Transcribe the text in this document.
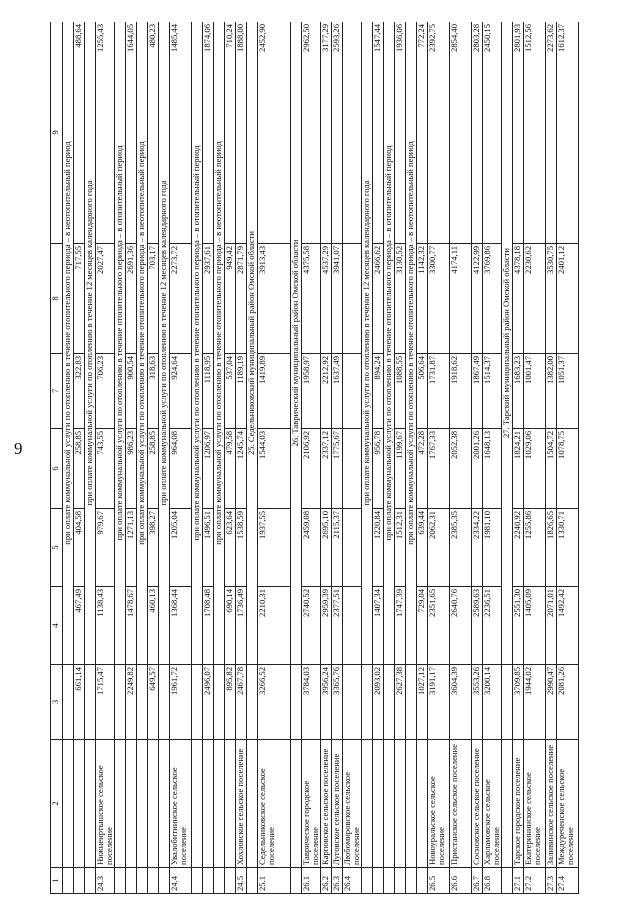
9
1	2	3	4	5	6	7	8	9
			при оплате коммунальной услуги по отоплению в течение отопительного периода – в неотопительный период					
		661,14	467,49	404,58	258,85	322,83	717,55	488,64
			при оплате коммунальной услуги по отоплению в течение 12 месяцев календарного года					
24.3	Нижнеиртышское сельское поселение	1715,47	1138,43	979,67	743,55	706,23	2027,47	1255,43
			при оплате коммунальной услуги по отоплению в течение отопительного периода – в отопительный период					
		2249,82	1478,67	1271,13	986,23	900,54	2691,36	1644,05
			при оплате коммунальной услуги по отоплению в течение отопительного периода – в неотопительный период					
		649,57	460,13	398,27	258,85	318,63	703,17	480,23
			при оплате коммунальной услуги по отоплению в течение 12 месяцев календарного года					
24.4	Увалобитиинское сельское поселение	1961,72	1368,44	1205,04	964,08	924,64	2273,72	1485,44
			при оплате коммунальной услуги по отоплению в течение отопительного периода – в отопительный период					
		2496,07	1708,48	1496,51	1206,97	1118,95	2937,61	1874,06
			при оплате коммунальной услуги по отоплению в течение отопительного периода – в неотопительный период					
		895,82	690,14	623,64	479,58	537,04	949,42	710,24
24.5	Хохловское сельское поселение	2467,78	1736,49	1538,59	1245,74	1189,19	2871,79	1888,00
			25. Седельниковский муниципальный район Омской области					
25.1	Седельниковское сельское поселение	3266,52	2210,31	1937,55	1544,03	1419,89	3913,43	2452,90
			26. Таврический муниципальный район Омской области					
26.1	Таврическое городское поселение	3784,03	2740,52	2459,08	2106,92	1958,97	4375,58	2962,50
26.2	Карповское сельское поселение	3956,24	2959,39	2695,10	2337,12	2212,92	4537,29	3177,29
26.3	Луговское сельское поселение	3365,76	2377,51	2115,37	1775,67	1637,49	3941,07	2593,26
26.4	Любомировское сельское поселение							
			при оплате коммунальной услуги по отоплению в течение 12 месяцев календарного года					
		2093,02	1407,34	1220,84	956,78	894,24	2466,62	1547,44
			при оплате коммунальной услуги по отоплению в течение отопительного периода – в отопительный период					
		2627,38	1747,39	1512,31	1199,67	1088,55	3130,52	1936,06
			при оплате коммунальной услуги по отоплению в течение отопительного периода – в неотопительный период					
		1027,12	729,04	639,44	472,28	506,64	1142,32	772,24
26.5	Новоуральское сельское поселение	3191,17	2351,65	2062,31	1767,33	1731,87	3300,77	2392,75
26.6	Пристанское сельское поселение	3604,39	2640,76	2385,35	2052,38	1918,62	4174,11	2854,40
26.7	Сосновское сельское поселение	3553,26	2589,63	2334,22	2001,26	1867,49	4122,99	2803,28
26.8	Харламовское сельское поселение	3200,14	2236,51	1981,10	1648,13	1514,37	3769,86	2450,15
			27. Тарский муниципальный район Омской области					
27.1	Тарское городское поселение	3709,85	2551,30	2240,92	1824,21	1683,23	4378,18	2801,93
27.2	Екатерининское сельское поселение	1944,02	1405,09	1255,86	1029,06	1001,47	2230,62	1512,56
27.3	Заливинское сельское поселение	2990,47	2071,01	1826,65	1504,72	1382,00	3530,75	2273,62
27.4	Междуреченское сельское поселение	2081,26	1492,42	1330,71	1078,75	1051,37	2401,12	1612,37
